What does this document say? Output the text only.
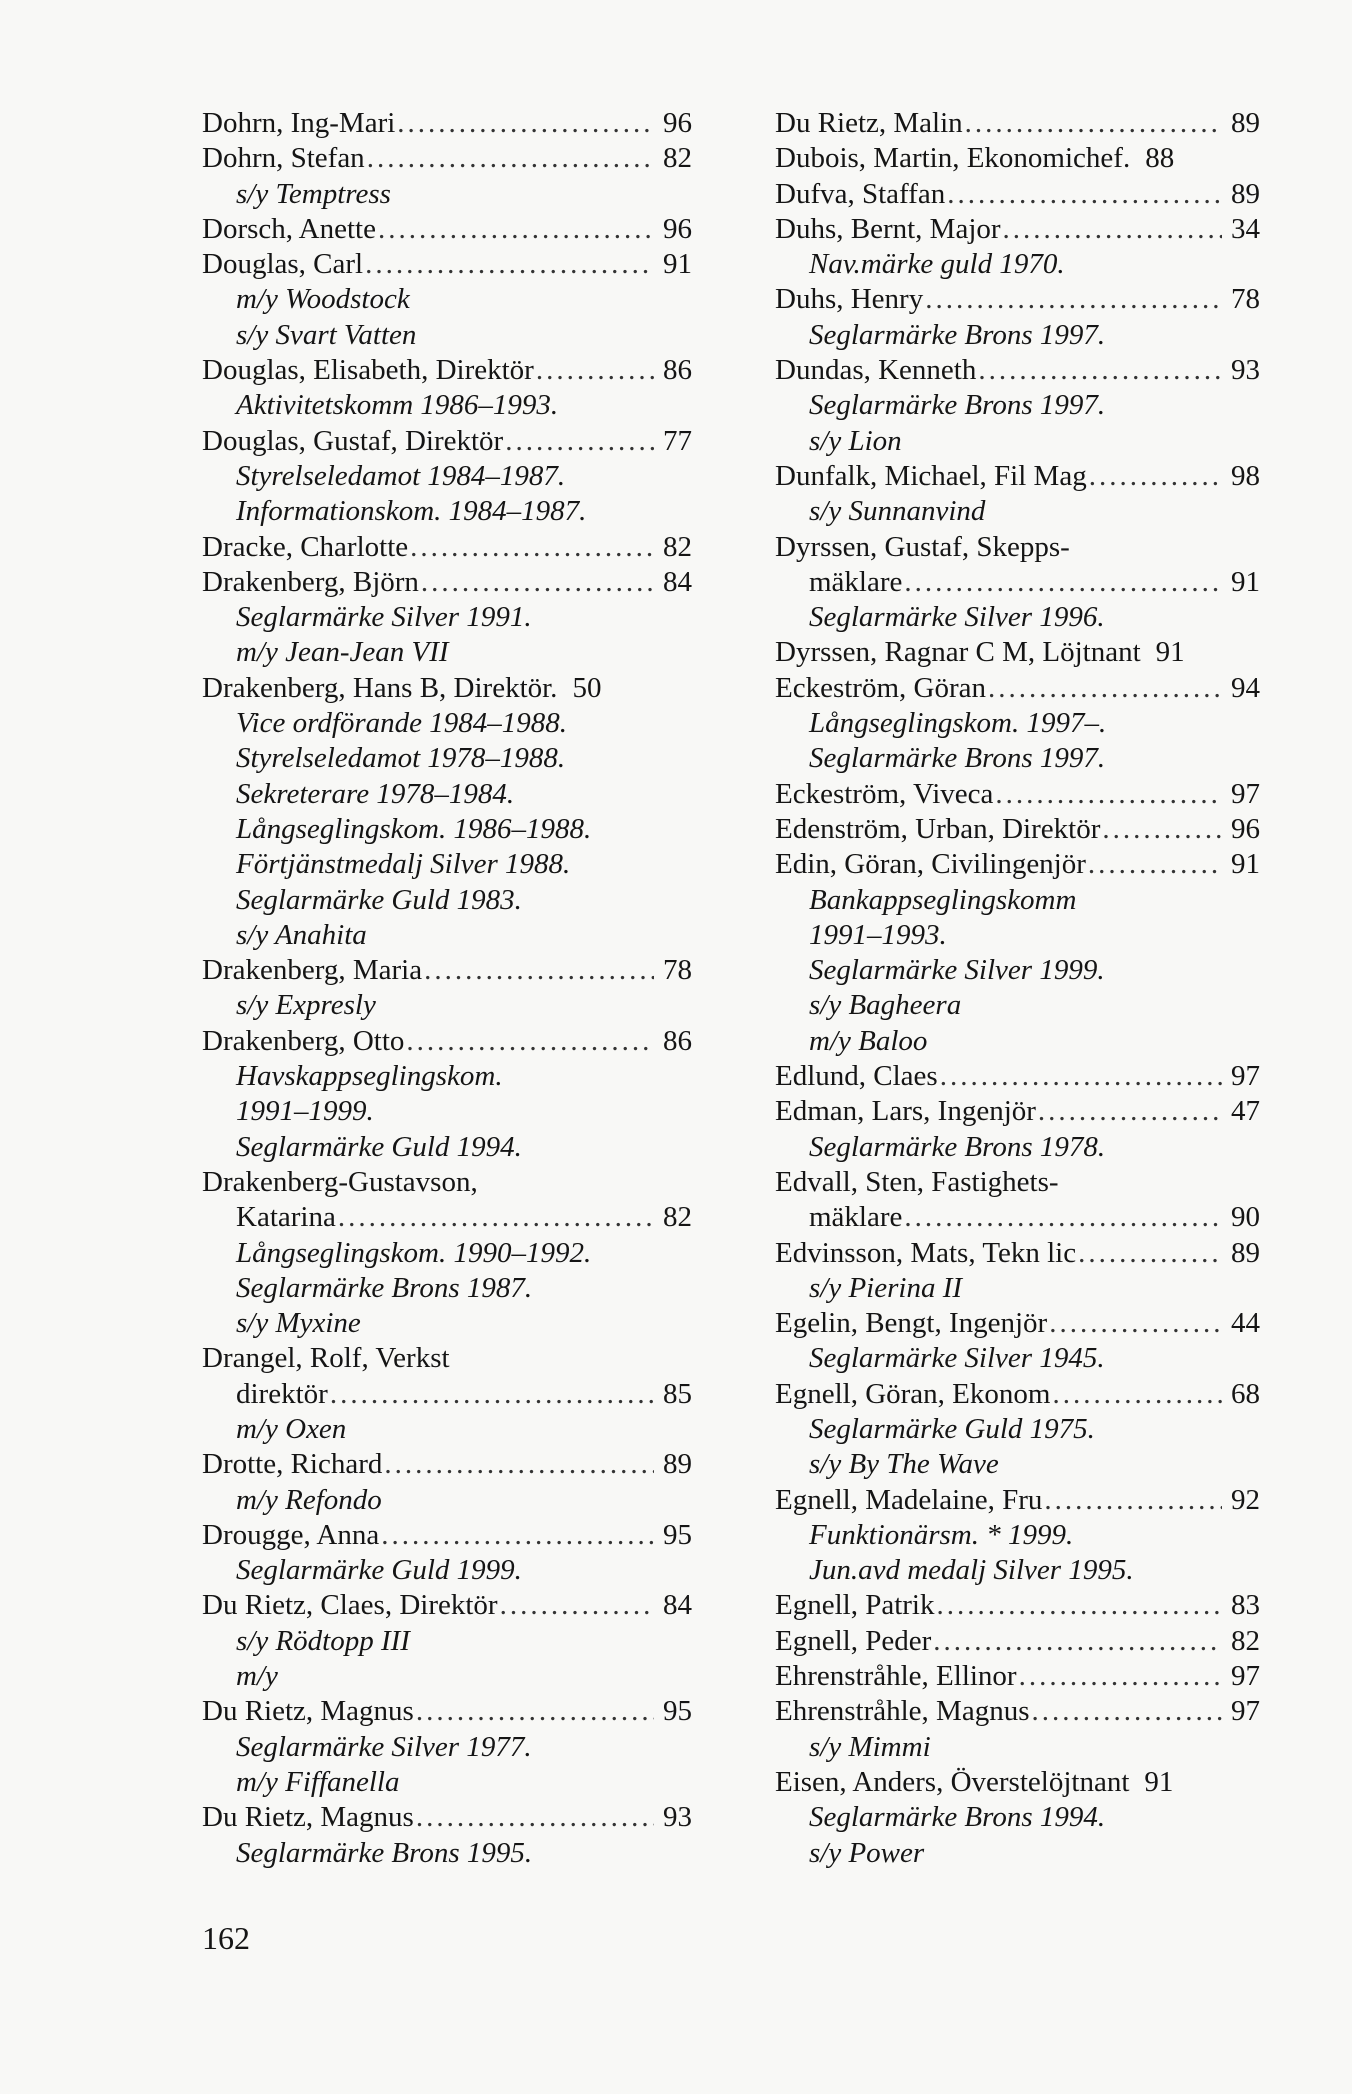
Dohrn, Ing-Mari .....	96
Dohrn, Stefan .....	82
s/y Temptress
Dorsch, Anette .....	96
Douglas, Carl .....	91
m/y Woodstock
s/y Svart Vatten
Douglas, Elisabeth, Direktör .....	86
Aktivitetskomm 1986–1993.
Douglas, Gustaf, Direktör .....	77
Styrelseledamot 1984–1987.
Informationskom. 1984–1987.
Dracke, Charlotte .....	82
Drakenberg, Björn .....	84
Seglarmärke Silver 1991.
m/y Jean-Jean VII
Drakenberg, Hans B, Direktör. 50
Vice ordförande 1984–1988.
Styrelseledamot 1978–1988.
Sekreterare 1978–1984.
Långseglingskom. 1986–1988.
Förtjänstmedalj Silver 1988.
Seglarmärke Guld 1983.
s/y Anahita
Drakenberg, Maria .....	78
s/y Expresly
Drakenberg, Otto .....	86
Havskappseglingskom.
1991–1999.
Seglarmärke Guld 1994.
Drakenberg-Gustavson,
Katarina .....	82
Långseglingskom. 1990–1992.
Seglarmärke Brons 1987.
s/y Myxine
Drangel, Rolf, Verkst
direktör .....	85
m/y Oxen
Drotte, Richard .....	89
m/y Refondo
Drougge, Anna .....	95
Seglarmärke Guld 1999.
Du Rietz, Claes, Direktör .....	84
s/y Rödtopp III
m/y
Du Rietz, Magnus .....	95
Seglarmärke Silver 1977.
m/y Fiffanella
Du Rietz, Magnus .....	93
Seglarmärke Brons 1995.
Du Rietz, Malin .....	89
Dubois, Martin, Ekonomichef. 88
Dufva, Staffan .....	89
Duhs, Bernt, Major .....	34
Nav.märke guld 1970.
Duhs, Henry .....	78
Seglarmärke Brons 1997.
Dundas, Kenneth .....	93
Seglarmärke Brons 1997.
s/y Lion
Dunfalk, Michael, Fil Mag .....	98
s/y Sunnanvind
Dyrssen, Gustaf, Skepps-
mäklare .....	91
Seglarmärke Silver 1996.
Dyrssen, Ragnar C M, Löjtnant 91
Eckeström, Göran .....	94
Långseglingskom. 1997–.
Seglarmärke Brons 1997.
Eckeström, Viveca .....	97
Edenström, Urban, Direktör .....	96
Edin, Göran, Civilingenjör .....	91
Bankappseglingskomm
1991–1993.
Seglarmärke Silver 1999.
s/y Bagheera
m/y Baloo
Edlund, Claes .....	97
Edman, Lars, Ingenjör .....	47
Seglarmärke Brons 1978.
Edvall, Sten, Fastighets-
mäklare .....	90
Edvinsson, Mats, Tekn lic .....	89
s/y Pierina II
Egelin, Bengt, Ingenjör .....	44
Seglarmärke Silver 1945.
Egnell, Göran, Ekonom .....	68
Seglarmärke Guld 1975.
s/y By The Wave
Egnell, Madelaine, Fru .....	92
Funktionärsm. * 1999.
Jun.avd medalj Silver 1995.
Egnell, Patrik .....	83
Egnell, Peder .....	82
Ehrenstråhle, Ellinor .....	97
Ehrenstråhle, Magnus .....	97
s/y Mimmi
Eisen, Anders, Överstelöjtnant 91
Seglarmärke Brons 1994.
s/y Power
162
